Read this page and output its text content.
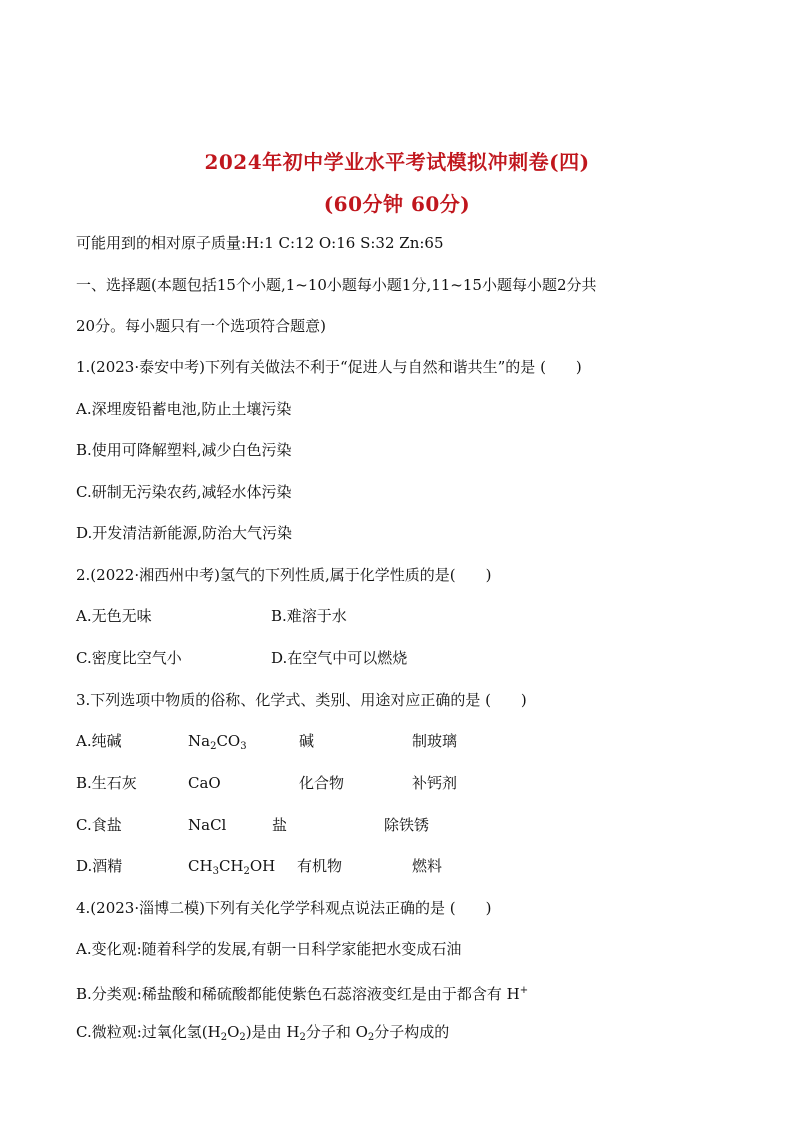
2024年初中学业水平考试模拟冲刺卷(四)
(60分钟 60分)
可能用到的相对原子质量:H:1 C:12 O:16 S:32 Zn:65
一、选择题(本题包括15个小题,1~10小题每小题1分,11~15小题每小题2分共
20分。每小题只有一个选项符合题意)
1.(2023·泰安中考)下列有关做法不利于“促进人与自然和谐共生”的是 (　　)
A.深埋废铅蓄电池,防止土壤污染
B.使用可降解塑料,减少白色污染
C.研制无污染农药,减轻水体污染
D.开发清洁新能源,防治大气污染
2.(2022·湘西州中考)氢气的下列性质,属于化学性质的是(　　)
A.无色无味	B.难溶于水
C.密度比空气小	D.在空气中可以燃烧
3.下列选项中物质的俗称、化学式、类别、用途对应正确的是 (　　)
A.纯碱	$Na_2CO_3$	碱	制玻璃
B.生石灰	CaO	化合物	补钙剂
C.食盐	NaCl	盐	除铁锈
D.酒精	$CH_3CH_2OH$ 有机物	燃料
4.(2023·淄博二模)下列有关化学学科观点说法正确的是 (　　)
A.变化观:随着科学的发展,有朝一日科学家能把水变成石油
B.分类观:稀盐酸和稀硫酸都能使紫色石蕊溶液变红是由于都含有 H+
C.微粒观:过氧化氢$(H_2O_2)$是由 $H_2$分子和 $O_2$分子构成的
